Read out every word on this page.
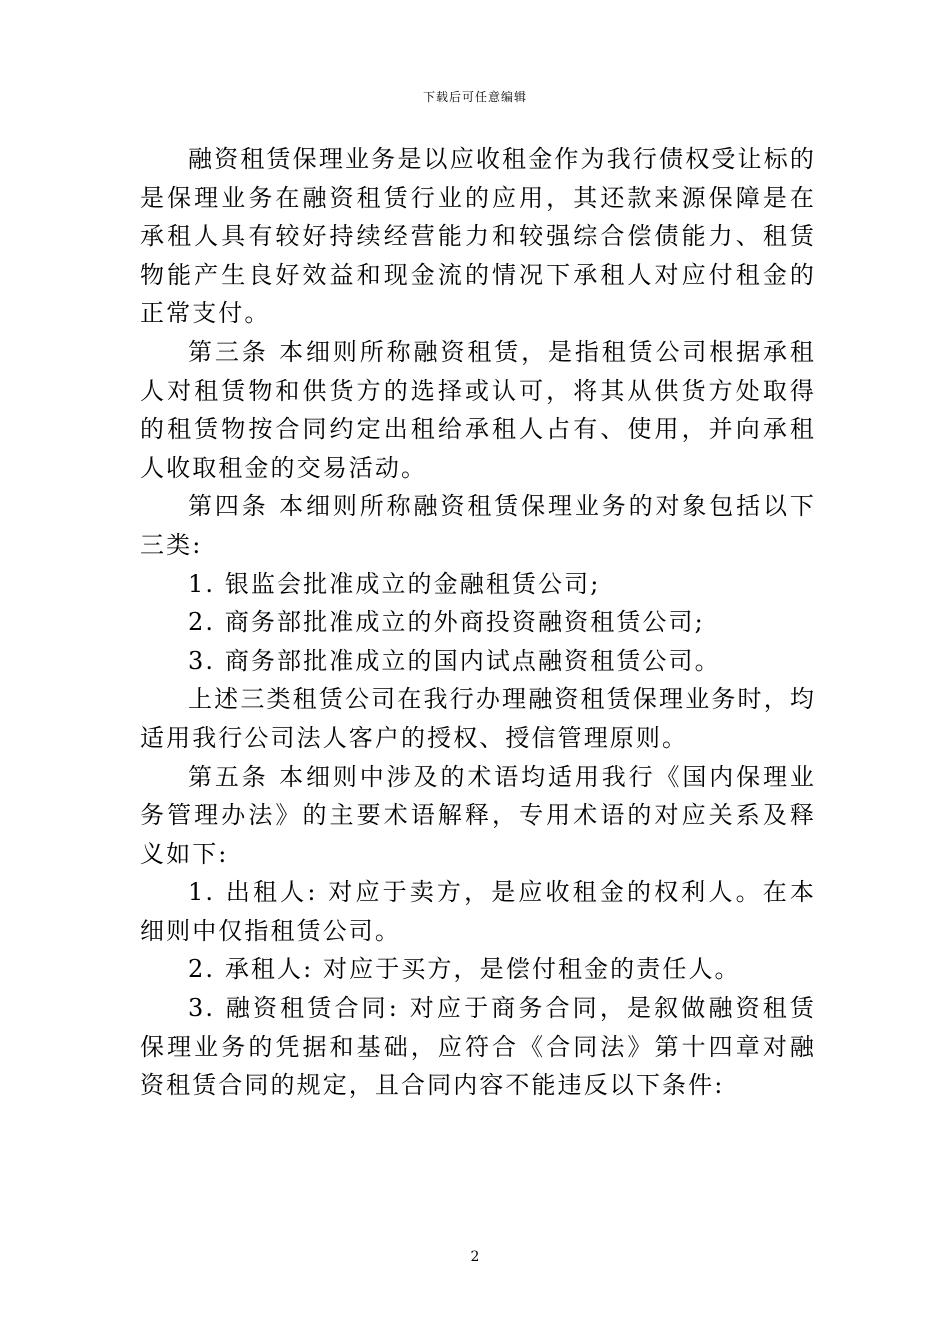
下载后可任意编辑

融资租赁保理业务是以应收租金作为我行债权受让标的是保理业务在融资租赁行业的应用，其还款来源保障是在承租人具有较好持续经营能力和较强综合偿债能力、租赁物能产生良好效益和现金流的情况下承租人对应付租金的正常支付。

第三条 本细则所称融资租赁，是指租赁公司根据承租人对租赁物和供货方的选择或认可，将其从供货方处取得的租赁物按合同约定出租给承租人占有、使用，并向承租人收取租金的交易活动。

第四条 本细则所称融资租赁保理业务的对象包括以下三类:

1. 银监会批准成立的金融租赁公司;

2. 商务部批准成立的外商投资融资租赁公司;

3. 商务部批准成立的国内试点融资租赁公司。

上述三类租赁公司在我行办理融资租赁保理业务时，均适用我行公司法人客户的授权、授信管理原则。

第五条 本细则中涉及的术语均适用我行《国内保理业务管理办法》的主要术语解释，专用术语的对应关系及释义如下:

1. 出租人: 对应于卖方，是应收租金的权利人。在本细则中仅指租赁公司。

2. 承租人: 对应于买方，是偿付租金的责任人。

3. 融资租赁合同: 对应于商务合同，是叙做融资租赁保理业务的凭据和基础，应符合《合同法》第十四章对融资租赁合同的规定，且合同内容不能违反以下条件:

2
